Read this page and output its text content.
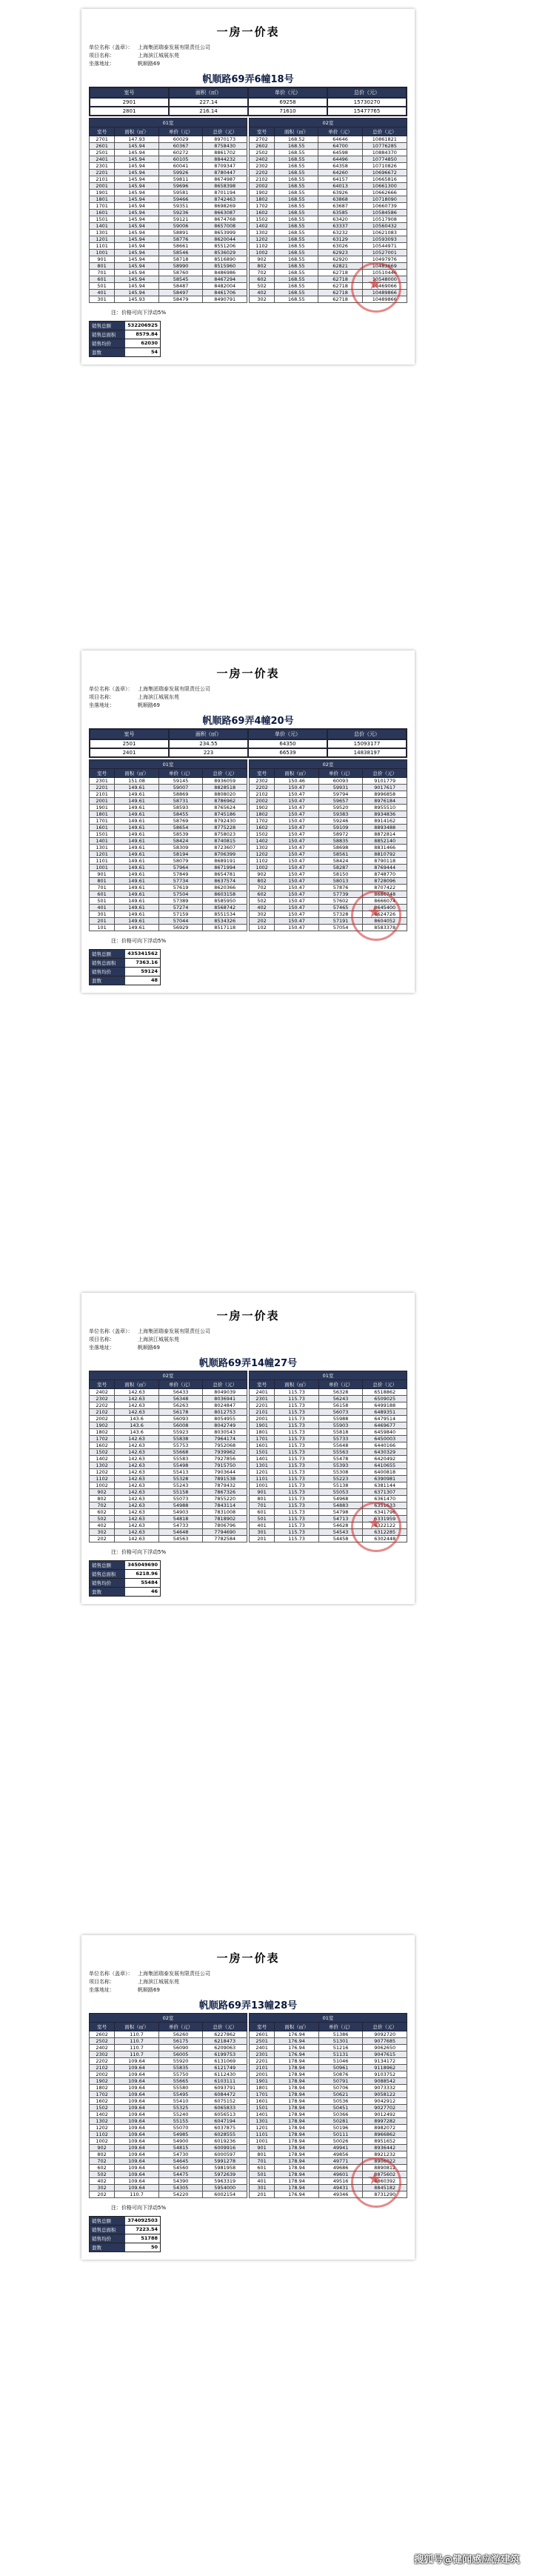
一房一价表
单位名称（盖章）： 上海集团瑞泰发展有限责任公司
项目名称：	上海滨江城展东苑
坐落地址：	帆顺路69
帆顺路69弄6幢18号
室号	面积（㎡）	单价（元）	总价（元）
2901	227.14	69258	15730270
2801	216.14	71610	15477765
01室			
室号	面积（㎡）	单价（元）	总价（元）
2701	147.93	60029	8970173
2601	145.94	60367	8758430
2501	145.94	60272	8861702
2401	145.94	60105	8844232
2301	145.94	60041	8709347
2201	145.94	59926	8780447
2101	145.94	59811	8674987
2001	145.94	59696	8658398
1901	145.94	59581	8701194
1801	145.94	59466	8742463
1701	145.94	59351	8698269
1601	145.94	59236	8663087
1501	145.94	59121	8674768
1401	145.94	59006	8657008
1301	145.94	58891	8653999
1201	145.94	58776	8620044
1101	145.94	58661	8551206
1001	145.94	58546	8536029
901	145.94	58718	8516890
801	145.94	58990	8515960
701	145.94	58760	8486986
601	145.94	58545	8467294
501	145.94	58487	8482004
401	145.94	58497	8461706
301	145.93	58479	8490791
02室			
室号	面积（㎡）	单价（元）	总价（元）
2702	168.52	64646	10861821
2602	168.55	64700	10776285
2502	168.55	64598	10884370
2402	168.55	64496	10774850
2302	168.55	64358	10710826
2202	168.55	64260	10696672
2102	168.55	64157	10665816
2002	168.55	64013	10661300
1902	168.55	63926	10662666
1802	168.55	63868	10718090
1702	168.55	63687	10660739
1602	168.55	63585	10584586
1502	168.55	63420	10517908
1402	168.55	63337	10560432
1302	168.55	63232	10621083
1202	168.55	63129	10593093
1102	168.55	63026	10544971
1002	168.55	62923	10527001
902	168.55	62920	10497976
802	168.55	62821	10483669
702	168.55	62718	10510446
602	168.55	62718	10548000
502	168.55	62718	10469066
402	168.55	62718	10489866
302	168.55	62718	10489866
★
注：价格可向下浮动5%
销售总额	532206925
销售总面积	8579.84
销售均价	62030
套数	54
一房一价表
单位名称（盖章）： 上海集团瑞泰发展有限责任公司
项目名称：	上海滨江城展东苑
坐落地址：	帆顺路69
帆顺路69弄4幢20号
室号	面积（㎡）	单价（元）	总价（元）
2501	234.55	64350	15093177
2401	223	66539	14838197
01室			
室号	面积（㎡）	单价（元）	总价（元）
2301	151.08	59145	8936059
2201	149.61	59007	8828518
2101	149.61	58869	8808020
2001	149.61	58731	8786962
1901	149.61	58593	8765624
1801	149.61	58455	8745186
1701	149.61	58769	8792430
1601	149.61	58654	8775228
1501	149.61	58539	8758023
1401	149.61	58424	8740815
1301	149.61	58309	8723607
1201	149.61	58194	8706399
1101	149.61	58079	8689191
1001	149.61	57964	8671994
901	149.61	57849	8654781
801	149.61	57734	8637574
701	149.61	57619	8620366
601	149.61	57504	8603158
501	149.61	57389	8585950
401	149.61	57274	8568742
301	149.61	57159	8551534
201	149.61	57044	8534326
101	149.61	56929	8517118
02室			
室号	面积（㎡）	单价（元）	总价（元）
2302	150.46	60093	9101779
2202	150.47	59931	9017617
2102	150.47	59794	8996858
2002	150.47	59657	8976184
1902	150.47	59520	8955510
1802	150.47	59383	8934836
1702	150.47	59246	8914162
1602	150.47	59109	8893488
1502	150.47	58972	8872814
1402	150.47	58835	8852140
1302	150.47	58698	8831466
1202	150.47	58561	8810792
1102	150.47	58424	8790118
1002	150.47	58287	8769444
902	150.47	58150	8748770
802	150.47	58013	8728096
702	150.47	57876	8707422
602	150.47	57739	8686748
502	150.47	57602	8666074
402	150.47	57465	8645400
302	150.47	57328	8624726
202	150.47	57191	8604052
102	150.47	57054	8583378
★
注：价格可向下浮动5%
销售总额	435341562
销售总面积	7363.16
销售均价	59124
套数	48
一房一价表
单位名称（盖章）： 上海集团瑞泰发展有限责任公司
项目名称：	上海滨江城展东苑
坐落地址：	帆顺路69
帆顺路69弄14幢27号
02室			
室号	面积（㎡）	单价（元）	总价（元）
2402	142.63	56433	8049039
2302	142.63	56348	8036941
2202	142.63	56263	8024847
2102	142.63	56178	8012753
2002	143.6	56093	8054955
1902	143.6	56008	8042749
1802	143.6	55923	8030543
1702	142.63	55838	7964174
1602	142.63	55753	7952068
1502	142.63	55668	7939962
1402	142.63	55583	7927856
1302	142.63	55498	7915750
1202	142.63	55413	7903644
1102	142.63	55328	7891538
1002	142.63	55243	7879432
902	142.63	55158	7867326
802	142.63	55073	7855220
702	142.63	54988	7843114
602	142.63	54903	7831008
502	142.63	54818	7818902
402	142.63	54733	7806796
302	142.63	54648	7794690
202	142.63	54563	7782584
01室			
室号	面积（㎡）	单价（元）	总价（元）
2401	115.73	56328	6518862
2301	115.73	56243	6509025
2201	115.73	56158	6499188
2101	115.73	56073	6489351
2001	115.73	55988	6479514
1901	115.73	55903	6469677
1801	115.73	55818	6459840
1701	115.73	55733	6450003
1601	115.73	55648	6440166
1501	115.73	55563	6430329
1401	115.73	55478	6420492
1301	115.73	55393	6410655
1201	115.73	55308	6400818
1101	115.73	55223	6390981
1001	115.73	55138	6381144
901	115.73	55053	6371307
801	115.73	54968	6361470
701	115.73	54883	6351633
601	115.73	54798	6341796
501	115.73	54713	6331959
401	115.73	54628	6322122
301	115.73	54543	6312285
201	115.73	54458	6302448
★
注：价格可向下浮动5%
销售总额	345049690
销售总面积	6218.96
销售均价	55484
套数	46
一房一价表
单位名称（盖章）： 上海集团瑞泰发展有限责任公司
项目名称：	上海滨江城展东苑
坐落地址：	帆顺路69
帆顺路69弄13幢28号
02室			
室号	面积（㎡）	单价（元）	总价（元）
2602	110.7	56260	6227862
2502	110.7	56175	6218473
2402	110.7	56090	6209063
2302	110.7	56005	6199753
2202	109.64	55920	6131069
2102	109.64	55835	6121749
2002	109.64	55750	6112430
1902	109.64	55665	6103111
1802	109.64	55580	6093791
1702	109.64	55495	6084472
1602	109.64	55410	6075152
1502	109.64	55325	6065833
1402	109.64	55240	6056513
1302	109.64	55155	6047194
1202	109.64	55070	6037875
1102	109.64	54985	6028555
1002	109.64	54900	6019236
902	109.64	54815	6009916
802	109.64	54730	6000597
702	109.64	54645	5991278
602	109.64	54560	5981958
502	109.64	54475	5972639
402	109.64	54390	5963319
302	109.64	54305	5954000
202	110.7	54220	6002154
01室			
室号	面积（㎡）	单价（元）	总价（元）
2601	176.94	51386	9092720
2501	176.94	51301	9077685
2401	176.94	51216	9062650
2301	176.94	51131	9047615
2201	178.94	51046	9134172
2101	178.94	50961	9118962
2001	178.94	50876	9103752
1901	178.94	50791	9088542
1801	178.94	50706	9073332
1701	178.94	50621	9058122
1601	178.94	50536	9042912
1501	178.94	50451	9027702
1401	178.94	50366	9012492
1301	178.94	50281	8997282
1201	178.94	50196	8982072
1101	178.94	50111	8966862
1001	178.94	50026	8951652
901	178.94	49941	8936442
801	178.94	49856	8921232
701	178.94	49771	8906022
601	178.94	49686	8890812
501	178.94	49601	8875602
401	178.94	49516	8860392
301	178.94	49431	8845182
201	176.94	49346	8731290
★
注：价格可向下浮动5%
销售总额	374092503
销售总面积	7223.54
销售均价	51788
套数	50
搜狐号@健闻感应游建筑
